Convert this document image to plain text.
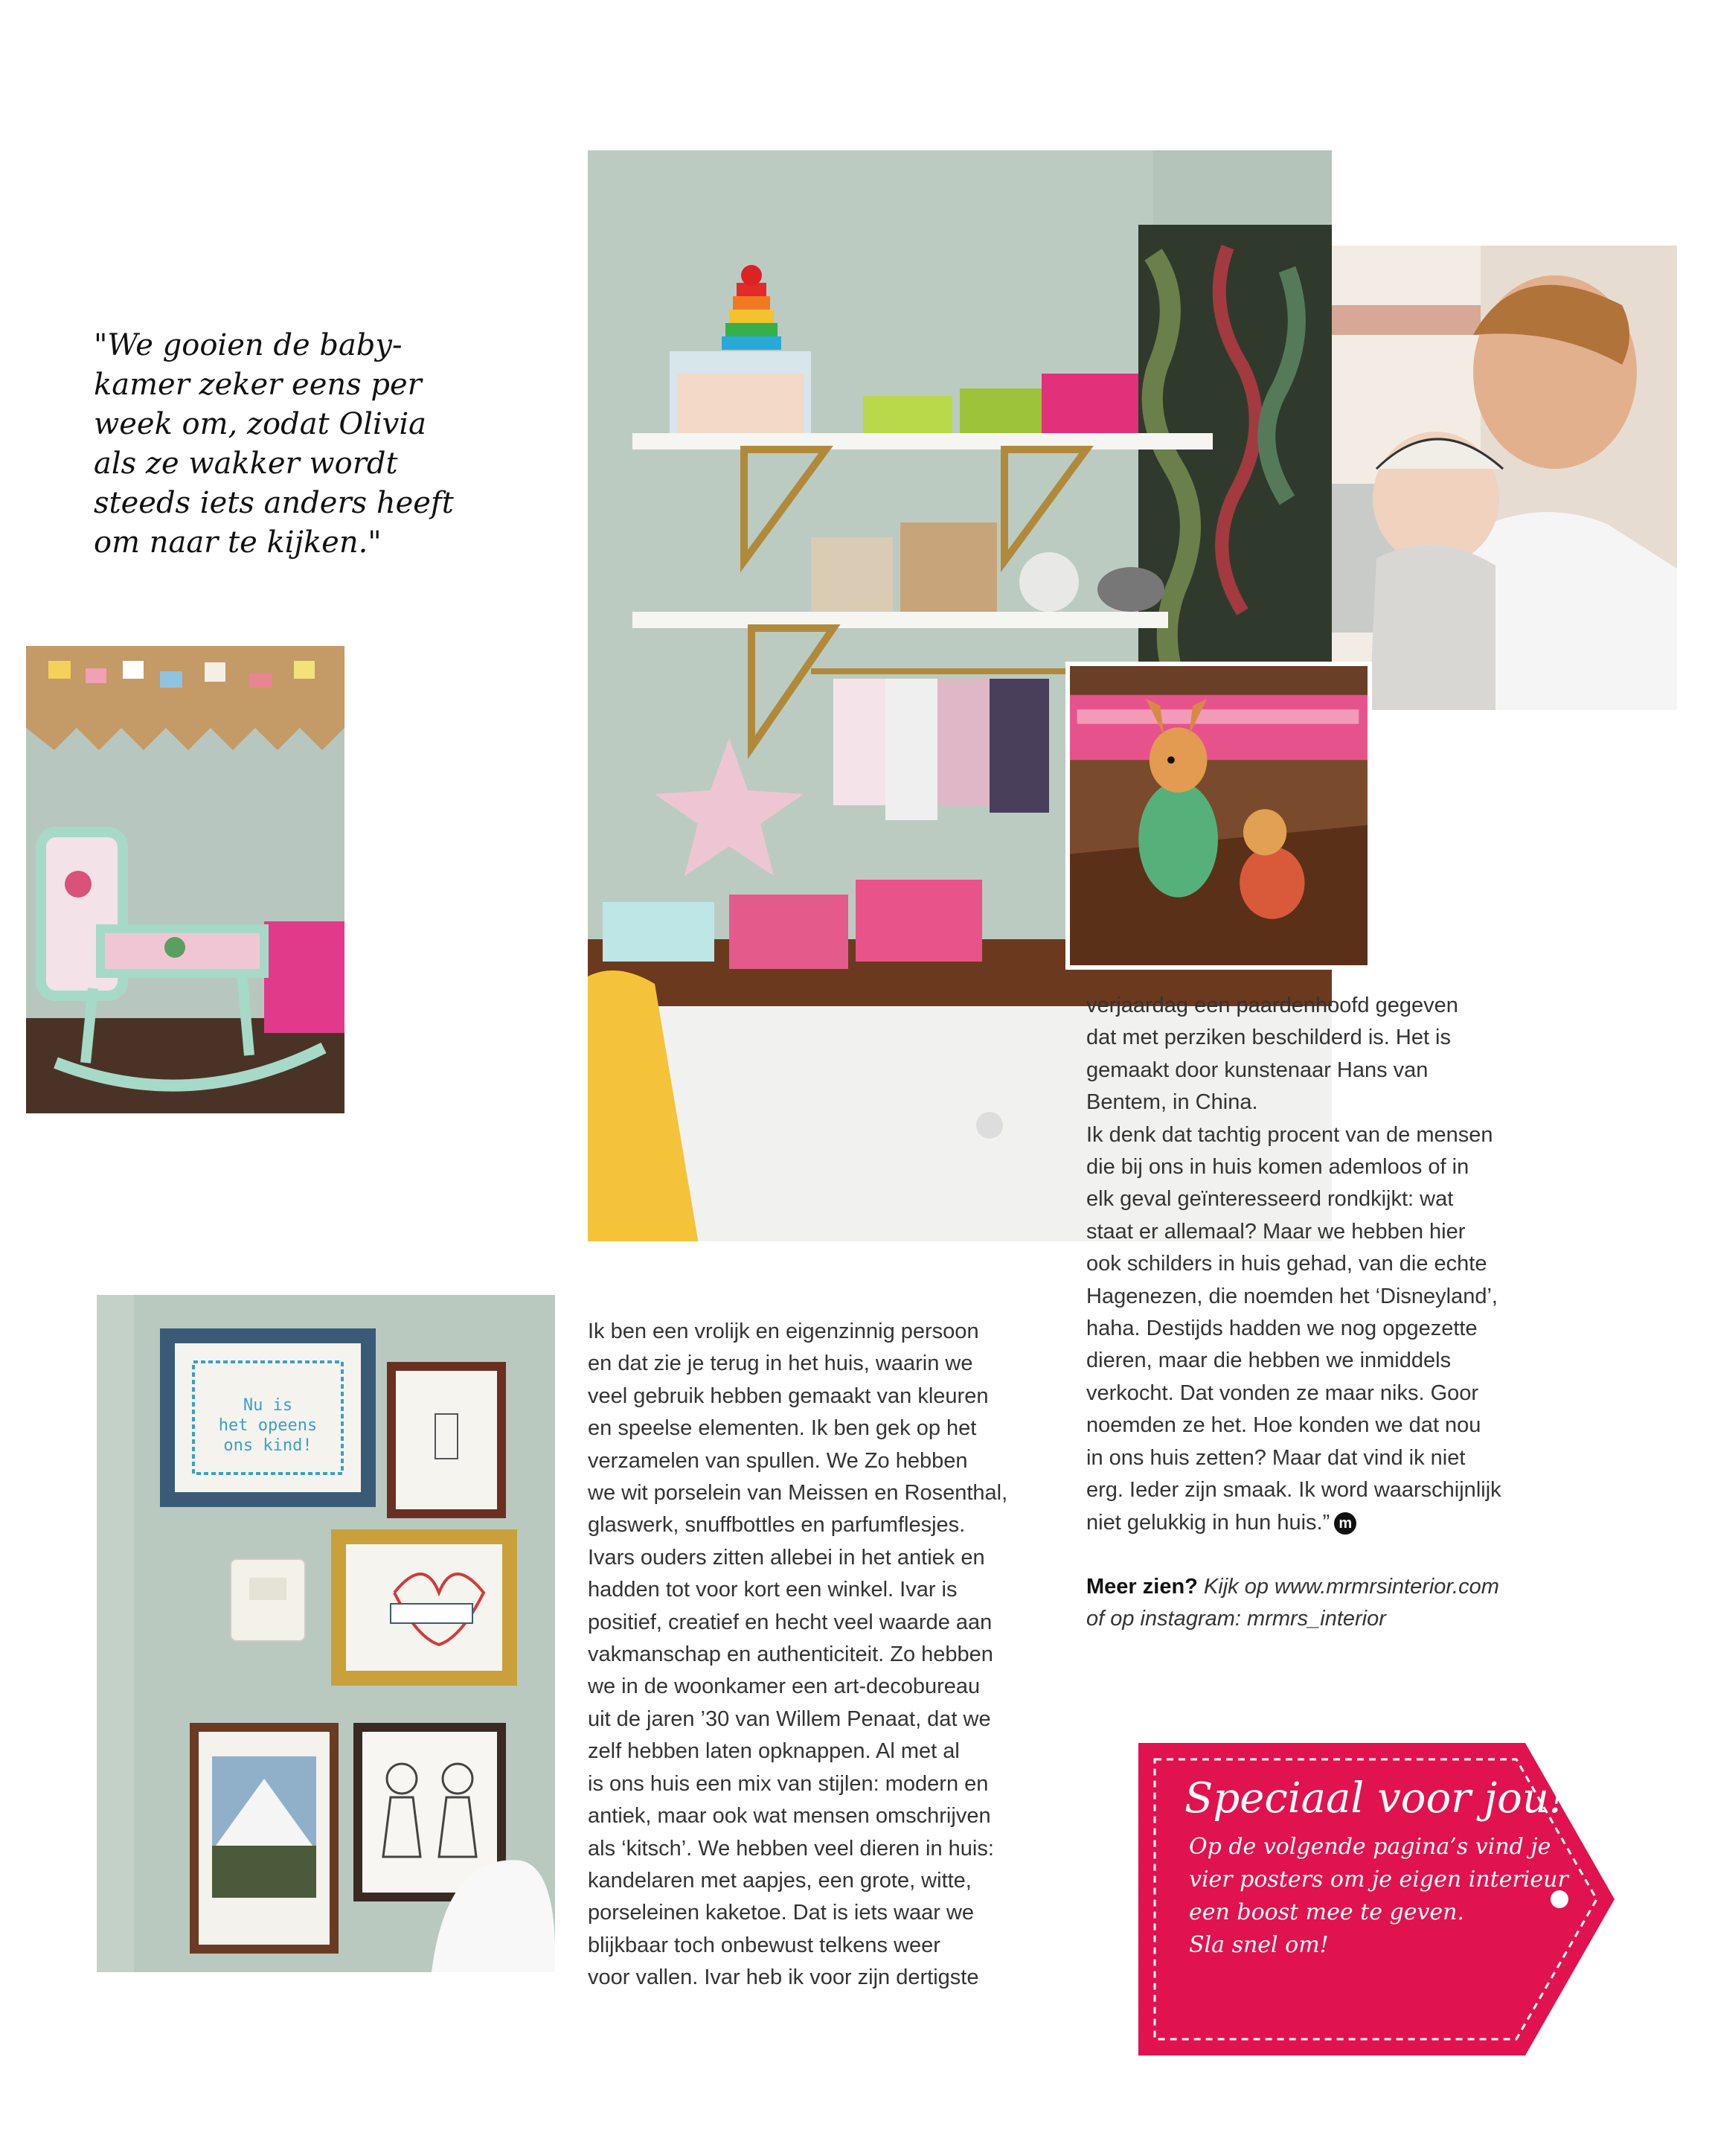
"We gooien de baby-

kamer zeker eens per

week om, zodat Olivia

als ze wakker wordt

steeds iets anders heeft

om naar te kijken."

Nu is
het opeens
ons kind!

verjaardag een paardenhoofd gegeven

dat met perziken beschilderd is. Het is

gemaakt door kunstenaar Hans van

Bentem, in China.

Ik denk dat tachtig procent van de mensen

die bij ons in huis komen ademloos of in

elk geval geïnteresseerd rondkijkt: wat

staat er allemaal? Maar we hebben hier

ook schilders in huis gehad, van die echte

Hagenezen, die noemden het ‘Disneyland’,

haha. Destijds hadden we nog opgezette

dieren, maar die hebben we inmiddels

verkocht. Dat vonden ze maar niks. Goor

noemden ze het. Hoe konden we dat nou

in ons huis zetten? Maar dat vind ik niet

erg. Ieder zijn smaak. Ik word waarschijnlijk

niet gelukkig in hun huis.” m

Meer zien? Kijk op www.mrmrsinterior.com

of op instagram: mrmrs_interior

Ik ben een vrolijk en eigenzinnig persoon

en dat zie je terug in het huis, waarin we

veel gebruik hebben gemaakt van kleuren

en speelse elementen. Ik ben gek op het

verzamelen van spullen. We Zo hebben

we wit porselein van Meissen en Rosenthal,

glaswerk, snuffbottles en parfumflesjes.

Ivars ouders zitten allebei in het antiek en

hadden tot voor kort een winkel. Ivar is

positief, creatief en hecht veel waarde aan

vakmanschap en authenticiteit. Zo hebben

we in de woonkamer een art-decobureau

uit de jaren ’30 van Willem Penaat, dat we

zelf hebben laten opknappen. Al met al

is ons huis een mix van stijlen: modern en

antiek, maar ook wat mensen omschrijven

als ‘kitsch’. We hebben veel dieren in huis:

kandelaren met aapjes, een grote, witte,

porseleinen kaketoe. Dat is iets waar we

blijkbaar toch onbewust telkens weer

voor vallen. Ivar heb ik voor zijn dertigste

Speciaal voor jou!

Op de volgende pagina’s vind je

vier posters om je eigen interieur

een boost mee te geven.

Sla snel om!
